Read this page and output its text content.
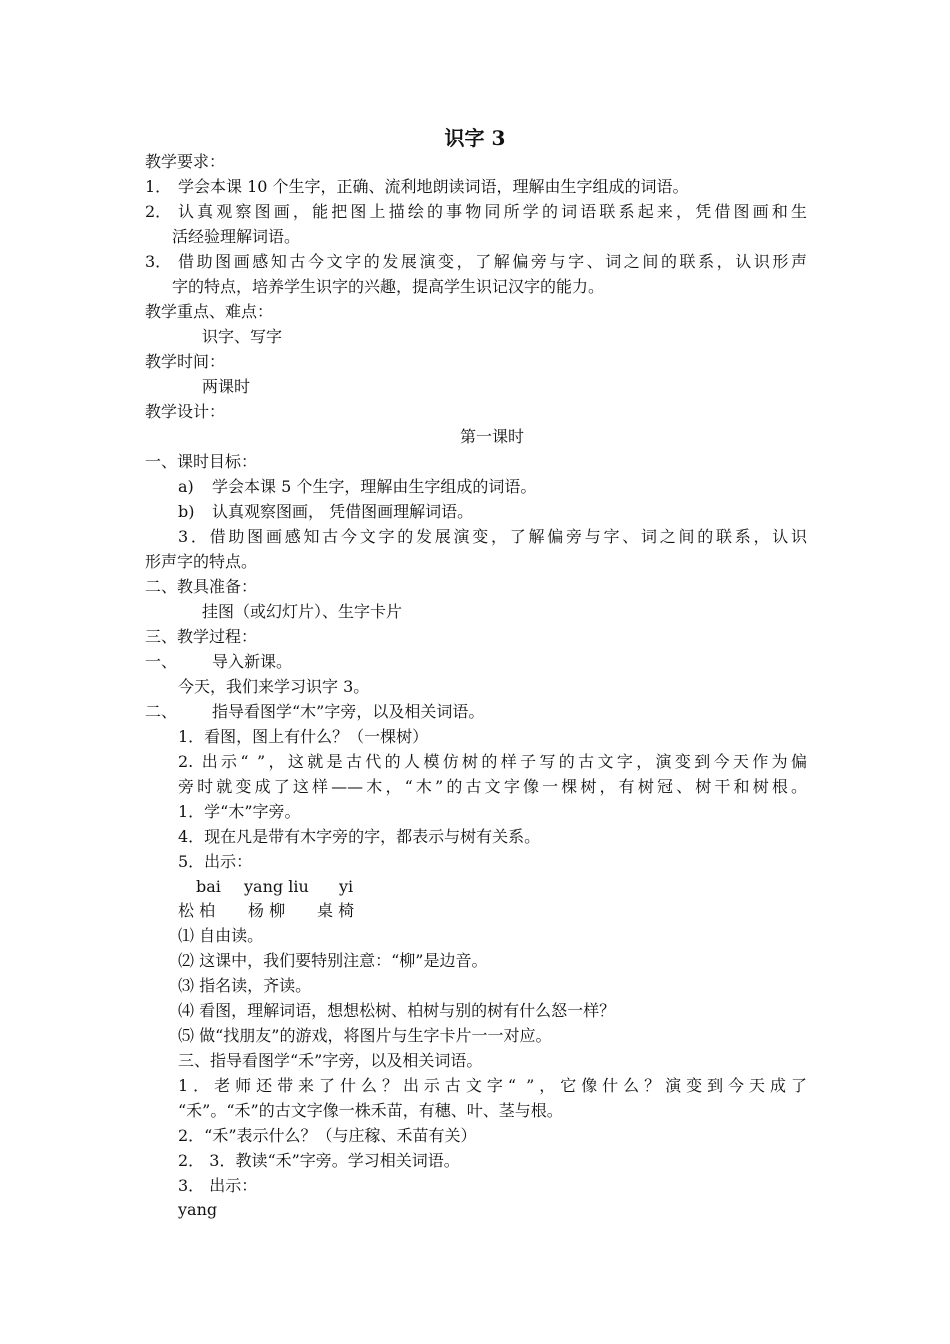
识字 3
教学要求：
1． 学会本课 10 个生字，正确、流利地朗读词语，理解由生字组成的词语。
2． 认真观察图画，能把图上描绘的事物同所学的词语联系起来，凭借图画和生
活经验理解词语。
3． 借助图画感知古今文字的发展演变，了解偏旁与字、词之间的联系，认识形声
字的特点，培养学生识字的兴趣，提高学生识记汉字的能力。
教学重点、难点：
识字、写字
教学时间：
两课时
教学设计：
第一课时
一、课时目标：
a) 学会本课 5 个生字，理解由生字组成的词语。
b) 认真观察图画， 凭借图画理解词语。
3．借助图画感知古今文字的发展演变，了解偏旁与字、词之间的联系，认识
形声字的特点。
二、教具准备：
挂图（或幻灯片）、生字卡片
三、教学过程：
一、 导入新课。
今天，我们来学习识字 3。
二、 指导看图学“木”字旁，以及相关词语。
1．看图，图上有什么？（一棵树）
2. 出示“ ”，这就是古代的人模仿树的样子写的古文字，演变到今天作为偏
旁时就变成了这样——木，“木”的古文字像一棵树，有树冠、树干和树根。
1．学“木”字旁。
4．现在凡是带有木字旁的字，都表示与树有关系。
5．出示：
bai yang liu yi
松 柏 杨 柳 桌 椅
⑴ 自由读。
⑵ 这课中，我们要特别注意：“柳”是边音。
⑶ 指名读，齐读。
⑷ 看图，理解词语，想想松树、柏树与别的树有什么怒一样？
⑸ 做“找朋友”的游戏，将图片与生字卡片一一对应。
三、指导看图学“禾”字旁，以及相关词语。
1．老师还带来了什么？出示古文字“ ”，它像什么？演变到今天成了
“禾”。“禾”的古文字像一株禾苗，有穗、叶、茎与根。
2．“禾”表示什么？（与庄稼、禾苗有关）
2． 3．教读“禾”字旁。学习相关词语。
3． 出示：
yang
